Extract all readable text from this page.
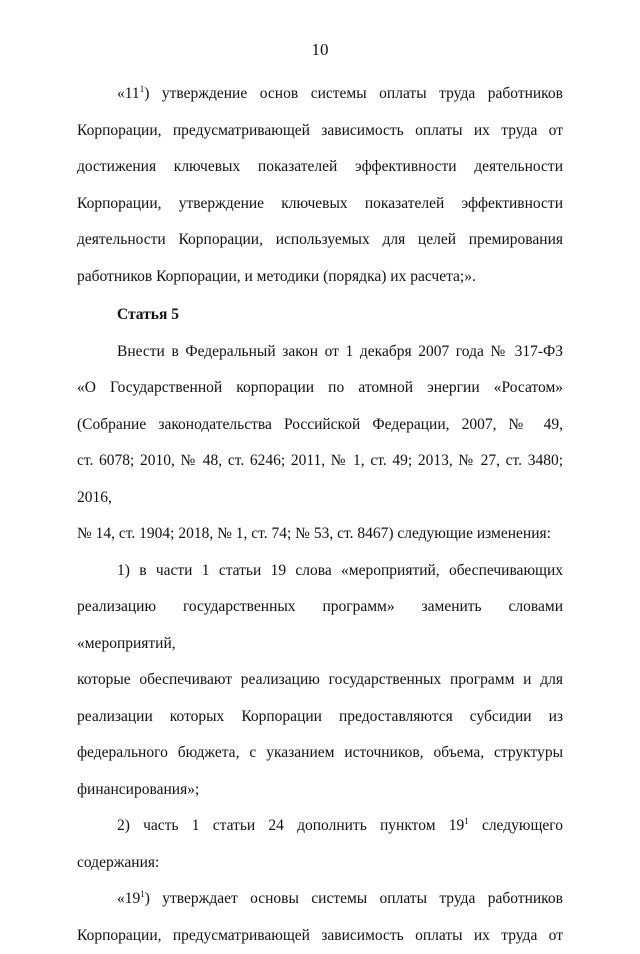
10

«$11^1$) утверждение основ системы оплаты труда работников

Корпорации, предусматривающей зависимость оплаты их труда от

достижения ключевых показателей эффективности деятельности

Корпорации, утверждение ключевых показателей эффективности

деятельности Корпорации, используемых для целей премирования

работников Корпорации, и методики (порядка) их расчета;».

Статья 5

Внести в Федеральный закон от 1 декабря 2007 года № 317-ФЗ

«О Государственной корпорации по атомной энергии «Росатом»

(Собрание законодательства Российской Федерации, 2007, № 49,

ст. 6078; 2010, № 48, ст. 6246; 2011, № 1, ст. 49; 2013, № 27, ст. 3480; 2016,

№ 14, ст. 1904; 2018, № 1, ст. 74; № 53, ст. 8467) следующие изменения:

1) в части 1 статьи 19 слова «мероприятий, обеспечивающих

реализацию государственных программ» заменить словами «мероприятий,

которые обеспечивают реализацию государственных программ и для

реализации которых Корпорации предоставляются субсидии из

федерального бюджета, с указанием источников, объема, структуры

финансирования»;

2) часть 1 статьи 24 дополнить пунктом $19^1$ следующего

содержания:

«$19^1$) утверждает основы системы оплаты труда работников

Корпорации, предусматривающей зависимость оплаты их труда от
